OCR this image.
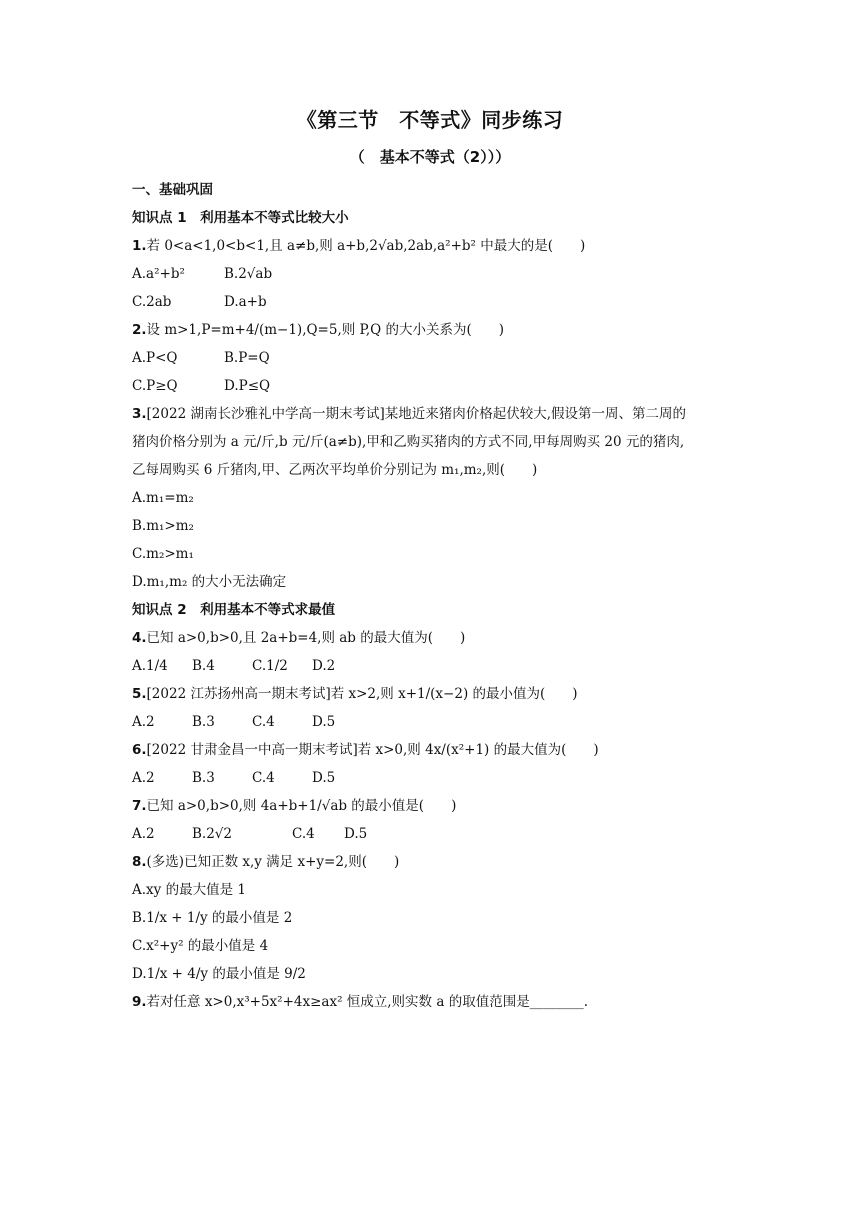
《第三节　不等式》同步练习
（　基本不等式（2）））
一、基础巩固
知识点 1　利用基本不等式比较大小
1.若 0<a<1,0<b<1,且 a≠b,则 a+b,2√ab,2ab,a²+b² 中最大的是(　　)
A.a²+b²	B.2√ab
C.2ab	D.a+b
2.设 m>1,P=m+4/(m−1),Q=5,则 P,Q 的大小关系为(　　)
A.P<Q	B.P=Q
C.P≥Q	D.P≤Q
3.[2022 湖南长沙雅礼中学高一期末考试]某地近来猪肉价格起伏较大,假设第一周、第二周的
猪肉价格分别为 a 元/斤,b 元/斤(a≠b),甲和乙购买猪肉的方式不同,甲每周购买 20 元的猪肉,
乙每周购买 6 斤猪肉,甲、乙两次平均单价分别记为 m₁,m₂,则(　　)
A.m₁=m₂
B.m₁>m₂
C.m₂>m₁
D.m₁,m₂ 的大小无法确定
知识点 2　利用基本不等式求最值
4.已知 a>0,b>0,且 2a+b=4,则 ab 的最大值为(　　)
A.1/4 B.4	C.1/2 D.2
5.[2022 江苏扬州高一期末考试]若 x>2,则 x+1/(x−2) 的最小值为(　　)
A.2	B.3	C.4	D.5
6.[2022 甘肃金昌一中高一期末考试]若 x>0,则 4x/(x²+1) 的最大值为(　　)
A.2	B.3	C.4	D.5
7.已知 a>0,b>0,则 4a+b+1/√ab 的最小值是(　　)
A.2	B.2√2	C.4 D.5
8.(多选)已知正数 x,y 满足 x+y=2,则(　　)
A.xy 的最大值是 1
B.1/x + 1/y 的最小值是 2
C.x²+y² 的最小值是 4
D.1/x + 4/y 的最小值是 9/2
9.若对任意 x>0,x³+5x²+4x≥ax² 恒成立,则实数 a 的取值范围是________.
